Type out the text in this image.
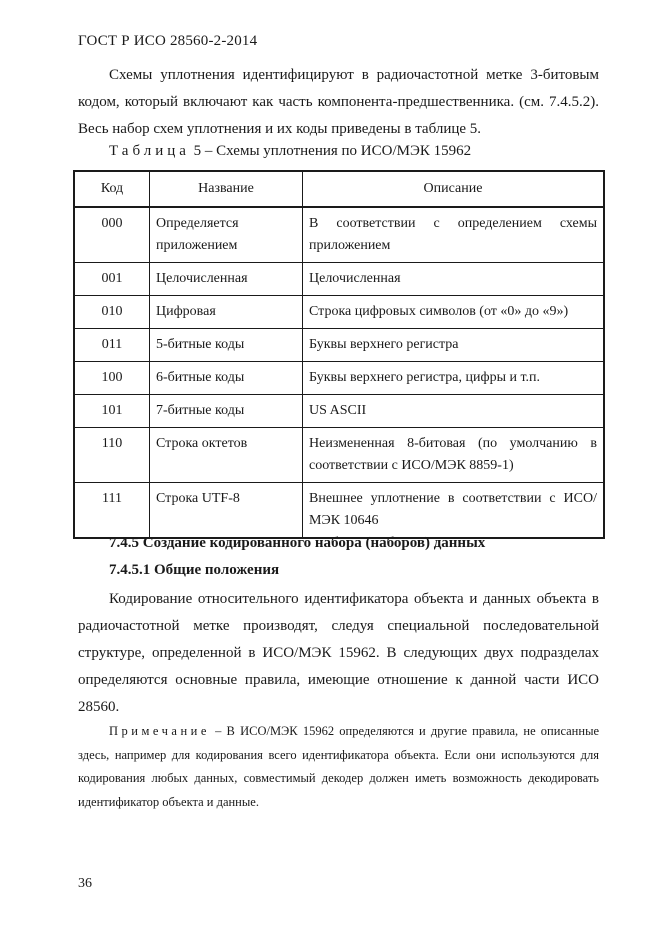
ГОСТ Р ИСО 28560-2-2014

Схемы уплотнения идентифицируют в радиочастотной метке 3-битовым кодом, который включают как часть компонента-предшественника. (см. 7.4.5.2). Весь набор схем уплотнения и их коды приведены в таблице 5.

Таблица 5 – Схемы уплотнения по ИСО/МЭК 15962
Код	Название	Описание
000	Определяется приложением	В соответствии с определением схемы приложением
001	Целочисленная	Целочисленная
010	Цифровая	Строка цифровых символов (от «0» до «9»)
011	5-битные коды	Буквы верхнего регистра
100	6-битные коды	Буквы верхнего регистра, цифры и т.п.
101	7-битные коды	US ASCII
110	Строка октетов	Неизмененная 8-битовая (по умолчанию в соответствии с ИСО/МЭК 8859-1)
111	Строка UTF-8	Внешнее уплотнение в соответствии с ИСО/МЭК 10646
7.4.5 Создание кодированного набора (наборов) данных
7.4.5.1 Общие положения

Кодирование относительного идентификатора объекта и данных объекта в радиочастотной метке производят, следуя специальной последовательной структуре, определенной в ИСО/МЭК 15962. В следующих двух подразделах определяются основные правила, имеющие отношение к данной части ИСО 28560.

Примечание – В ИСО/МЭК 15962 определяются и другие правила, не описанные здесь, например для кодирования всего идентификатора объекта. Если они используются для кодирования любых данных, совместимый декодер должен иметь возможность декодировать идентификатор объекта и данные.

36
